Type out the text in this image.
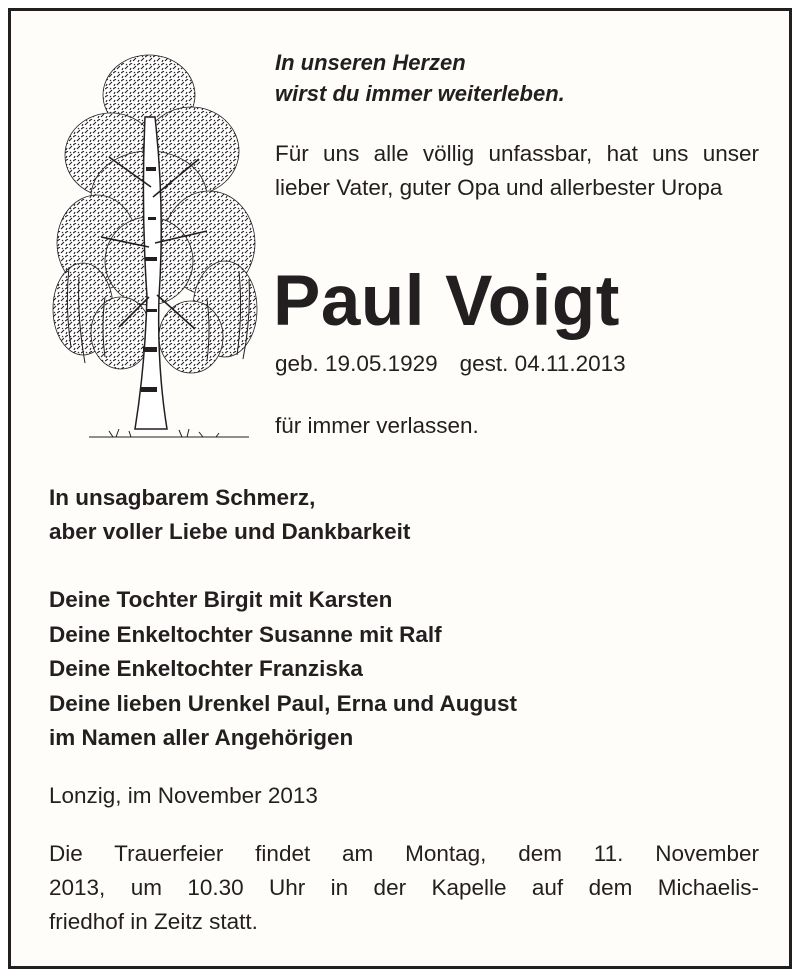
In unseren Herzen
wirst du immer weiterleben.
Für uns alle völlig unfassbar, hat uns unser lieber Vater, guter Opa und allerbester Uropa
Paul Voigt
geb. 19.05.1929 gest. 04.11.2013
für immer verlassen.
In unsagbarem Schmerz,
aber voller Liebe und Dankbarkeit
Deine Tochter Birgit mit Karsten
Deine Enkeltochter Susanne mit Ralf
Deine Enkeltochter Franziska
Deine lieben Urenkel Paul, Erna und August
im Namen aller Angehörigen
Lonzig, im November 2013
Die Trauerfeier findet am Montag, dem 11. November
2013, um 10.30 Uhr in der Kapelle auf dem Michaelis-
friedhof in Zeitz statt.
